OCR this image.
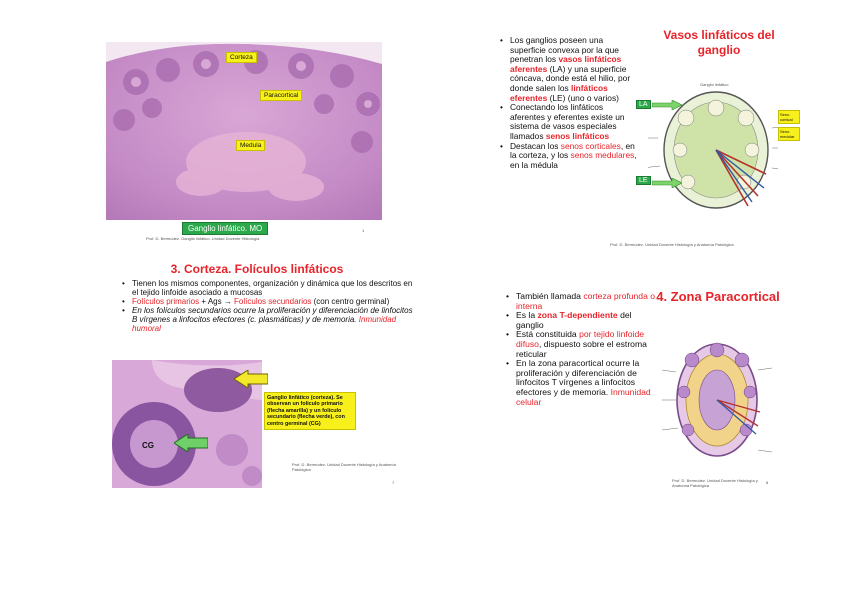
Corteza
Paracortical
Medula
Ganglio linfático. MO
Prof. D. Bermúdez. Ganglio linfático. Unidad Docente Histología
1
Vasos linfáticos del ganglio
• Los ganglios poseen una superficie convexa por la que penetran los vasos linfáticos aferentes (LA) y una superficie cóncava, donde está el hilio, por donde salen los linfáticos eferentes (LE) (uno o varios)
• Conectando los linfáticos aferentes y eferentes existe un sistema de vasos especiales llamados senos linfáticos
• Destacan los senos corticales, en la corteza, y los senos medulares, en la médula
Ganglio linfático
LA
LE
Seno cortical
Seno medular
Prof. D. Bermúdez. Unidad Docente Histología y Anatomía Patológica
3. Corteza. Folículos linfáticos
• Tienen los mismos componentes, organización y dinámica que los descritos en el tejido linfoide asociado a mucosas
• Folículos primarios + Ags → Folículos secundarios (con centro germinal)
• En los folículos secundarios ocurre la proliferación y diferenciación de linfocitos B vírgenes a linfocitos efectores (c. plasmáticas) y de memoria. Inmunidad humoral
CG
Ganglio linfático (corteza). Se observan un folículo primario (flecha amarilla) y un folículo secundario (flecha verde), con centro germinal (CG)
Prof. D. Bermúdez. Unidad Docente Histología y Anatomía Patológica
7
4. Zona Paracortical
• También llamada corteza profunda o interna
• Es la zona T-dependiente del ganglio
• Está constituida por tejido linfoide difuso, dispuesto sobre el estroma reticular
• En la zona paracortical ocurre la proliferación y diferenciación de linfocitos T vírgenes a linfocitos efectores y de memoria. Inmunidad celular
Prof. D. Bermúdez. Unidad Docente Histología y Anatomía Patológica
8
